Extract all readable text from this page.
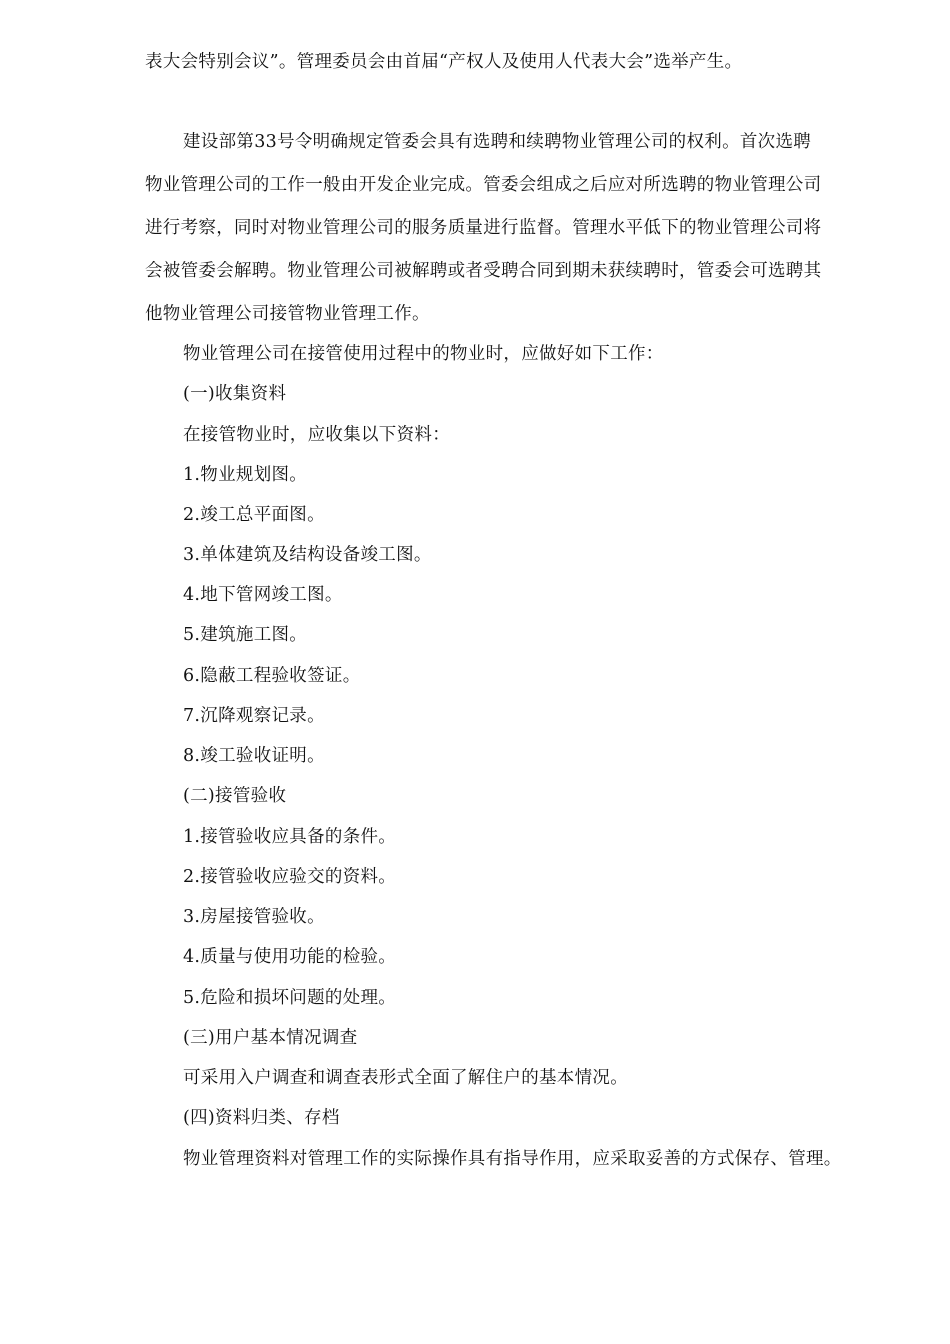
表大会特别会议”。管理委员会由首届“产权人及使用人代表大会”选举产生。
建设部第33号令明确规定管委会具有选聘和续聘物业管理公司的权利。首次选聘
物业管理公司的工作一般由开发企业完成。管委会组成之后应对所选聘的物业管理公司
进行考察，同时对物业管理公司的服务质量进行监督。管理水平低下的物业管理公司将
会被管委会解聘。物业管理公司被解聘或者受聘合同到期未获续聘时，管委会可选聘其
他物业管理公司接管物业管理工作。
物业管理公司在接管使用过程中的物业时，应做好如下工作：
(一)收集资料
在接管物业时，应收集以下资料：
1.物业规划图。
2.竣工总平面图。
3.单体建筑及结构设备竣工图。
4.地下管网竣工图。
5.建筑施工图。
6.隐蔽工程验收签证。
7.沉降观察记录。
8.竣工验收证明。
(二)接管验收
1.接管验收应具备的条件。
2.接管验收应验交的资料。
3.房屋接管验收。
4.质量与使用功能的检验。
5.危险和损坏问题的处理。
(三)用户基本情况调查
可采用入户调查和调查表形式全面了解住户的基本情况。
(四)资料归类、存档
物业管理资料对管理工作的实际操作具有指导作用，应采取妥善的方式保存、管理。
